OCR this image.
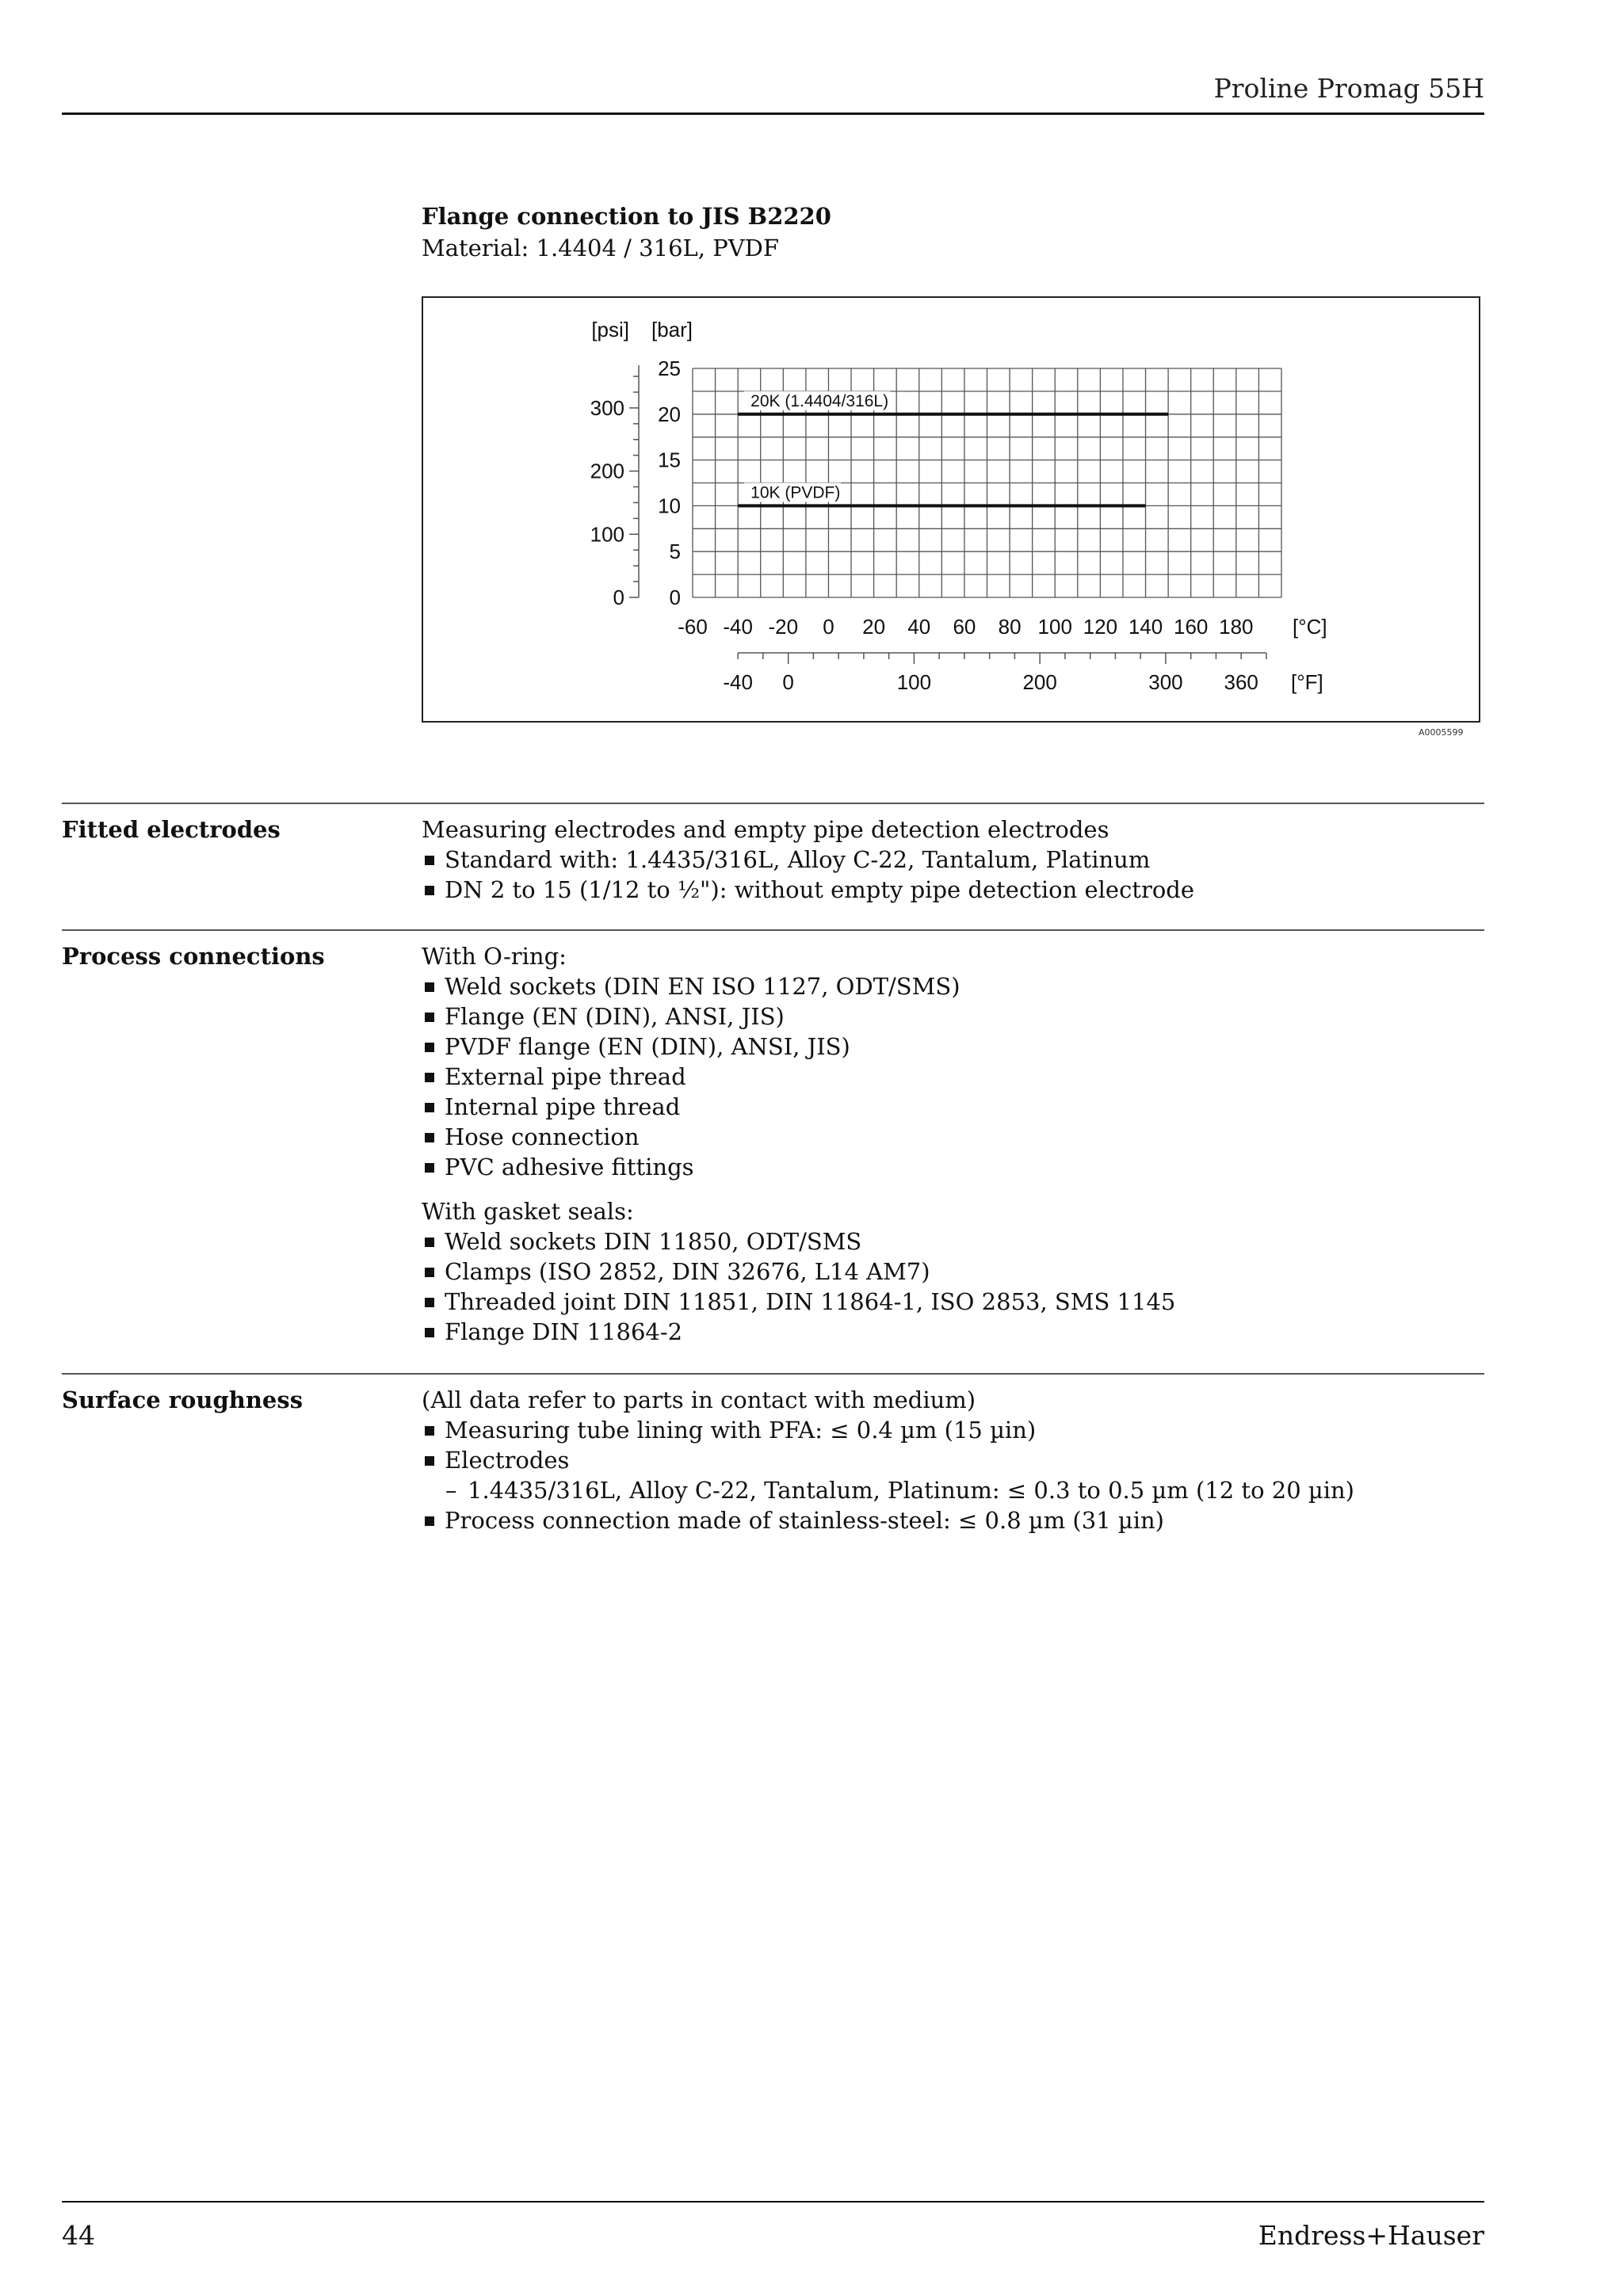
Proline Promag 55H
Flange connection to JIS B2220
Material: 1.4404 / 316L, PVDF
0
5
10
15
20
25
[bar]
0
100
200
300
[psi]
-60 -40 -20 0 20 40 60 80 100 120 140 160 180 [°C]
-40 0	100	200	300 360 [°F]
20K (1.4404/316L)
10K (PVDF)
A0005599
Fitted electrodes	Measuring electrodes and empty pipe detection electrodes
Standard with: 1.4435/316L, Alloy C-22, Tantalum, Platinum
DN 2 to 15 (1/12 to ½"): without empty pipe detection electrode
Process connections	With O-ring:
Weld sockets (DIN EN ISO 1127, ODT/SMS)
Flange (EN (DIN), ANSI, JIS)
PVDF flange (EN (DIN), ANSI, JIS)
External pipe thread
Internal pipe thread
Hose connection
PVC adhesive fittings
With gasket seals:
Weld sockets DIN 11850, ODT/SMS
Clamps (ISO 2852, DIN 32676, L14 AM7)
Threaded joint DIN 11851, DIN 11864-1, ISO 2853, SMS 1145
Flange DIN 11864-2
Surface roughness	(All data refer to parts in contact with medium)
Measuring tube lining with PFA: ≤ 0.4 µm (15 µin)
Electrodes
– 1.4435/316L, Alloy C-22, Tantalum, Platinum: ≤ 0.3 to 0.5 µm (12 to 20 µin)
Process connection made of stainless-steel: ≤ 0.8 µm (31 µin)
44	Endress+Hauser
